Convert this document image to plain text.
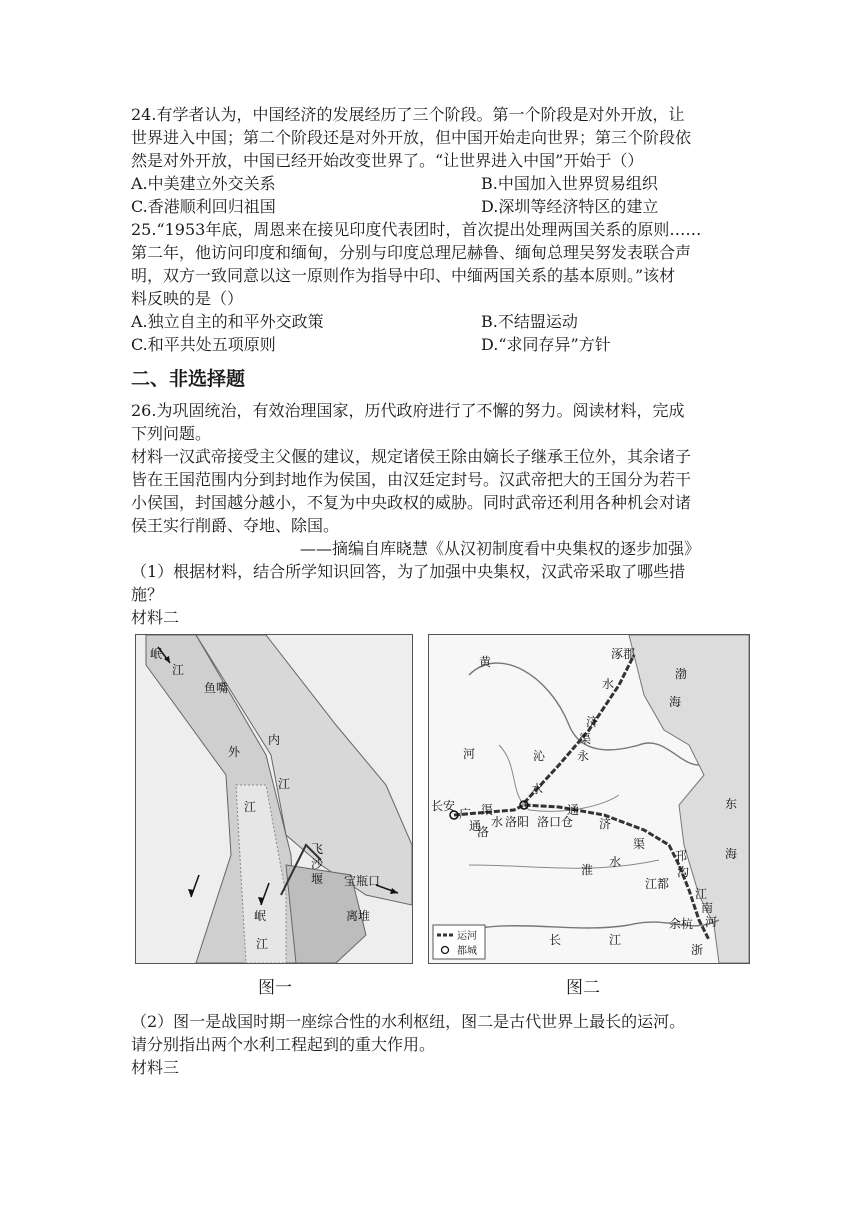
24.有学者认为，中国经济的发展经历了三个阶段。第一个阶段是对外开放，让
世界进入中国；第二个阶段还是对外开放，但中国开始走向世界；第三个阶段依
然是对外开放，中国已经开始改变世界了。“让世界进入中国”开始于（）
A.中美建立外交关系	B.中国加入世界贸易组织
C.香港顺利回归祖国	D.深圳等经济特区的建立
25.“1953年底，周恩来在接见印度代表团时，首次提出处理两国关系的原则……
第二年，他访问印度和缅甸，分别与印度总理尼赫鲁、缅甸总理吴努发表联合声
明，双方一致同意以这一原则作为指导中印、中缅两国关系的基本原则。”该材
料反映的是（）
A.独立自主的和平外交政策	B.不结盟运动
C.和平共处五项原则	D.“求同存异”方针
二、非选择题
26.为巩固统治，有效治理国家，历代政府进行了不懈的努力。阅读材料，完成
下列问题。
材料一汉武帝接受主父偃的建议，规定诸侯王除由嫡长子继承王位外，其余诸子
皆在王国范围内分到封地作为侯国，由汉廷定封号。汉武帝把大的王国分为若干
小侯国，封国越分越小，不复为中央政权的威胁。同时武帝还利用各种机会对诸
侯王实行削爵、夺地、除国。
——摘编自库晓慧《从汉初制度看中央集权的逐步加强》
（1）根据材料，结合所学知识回答，为了加强中央集权，汉武帝采取了哪些措
施？
材料二
岷
江
鱼嘴
外
内
江
江
飞
沙
堰 宝瓶口
离堆
岷
江
涿郡
黄
水
渤
海
河
济
沁	永
渠
长安
水
洛阳 洛口仓
通
济
渠
洛
水
广
通
渠
淮
水	邗
沟
江都
江
南
河
余杭
浙
东
海
长	江
运河
都城
图一	图二
（2）图一是战国时期一座综合性的水利枢纽，图二是古代世界上最长的运河。
请分别指出两个水利工程起到的重大作用。
材料三
